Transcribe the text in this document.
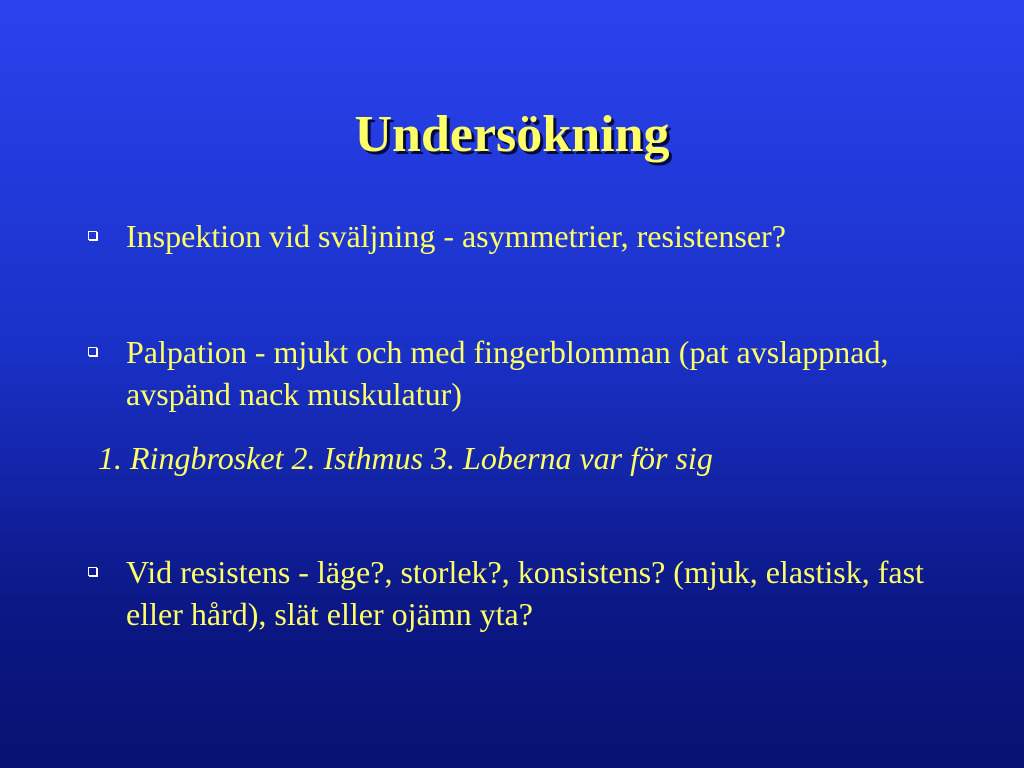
Undersökning
Inspektion vid sväljning - asymmetrier, resistenser?
Palpation - mjukt och med fingerblomman (pat avslappnad, avspänd nack muskulatur)
1. Ringbrosket 2. Isthmus 3. Loberna var för sig
Vid resistens - läge?, storlek?, konsistens? (mjuk, elastisk, fast eller hård), slät eller ojämn yta?
